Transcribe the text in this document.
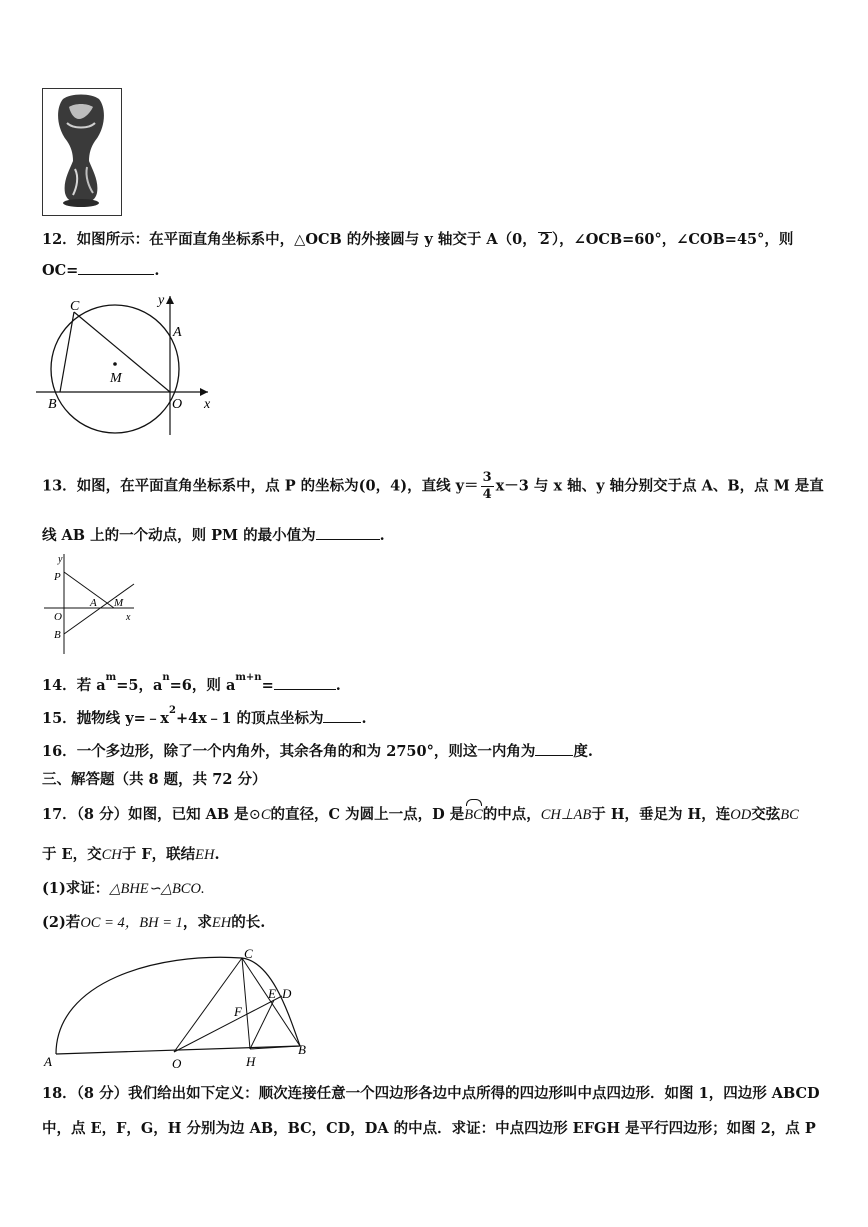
12．如图所示：在平面直角坐标系中，△OCB 的外接圆与 y 轴交于 A（0， 2 ），∠OCB=60°，∠COB=45°，则
OC=	.
C	y
A
M
B	O x
13．如图，在平面直角坐标系中，点 P 的坐标为(0，4)，直线 $y= \frac{3}{4} x-3$ 与 x 轴、y 轴分别交于点 A、B，点 M 是直
线 AB 上的一个动点，则 PM 的最小值为	.
y
P
A M
O	x
B
14．若 $a^m=5$，$a^n=6$，则 $a^{m+n}=$	.
15．抛物线 $y=﹣x^2+4x﹣1$ 的顶点坐标为	.
16．一个多边形，除了一个内角外，其余各角的和为 2750°，则这一内角为	度.
三、解答题（共 8 题，共 72 分）
17．（8 分）如图，已知 AB 是⊙C的直径，C 为圆上一点，D 是
BC的中点，CH⊥AB于 H，垂足为 H，连OD交弦BC
于 E，交CH于 F，联结EH.
(1)求证：△BHE∽△BCO.
(2)若OC = 4，BH = 1，求EH的长.
C
F
E D
A	O	H
B
18．（8 分）我们给出如下定义：顺次连接任意一个四边形各边中点所得的四边形叫中点四边形．如图 1，四边形 ABCD
中，点 E，F，G，H 分别为边 AB，BC，CD，DA 的中点．求证：中点四边形 EFGH 是平行四边形；如图 2，点 P
